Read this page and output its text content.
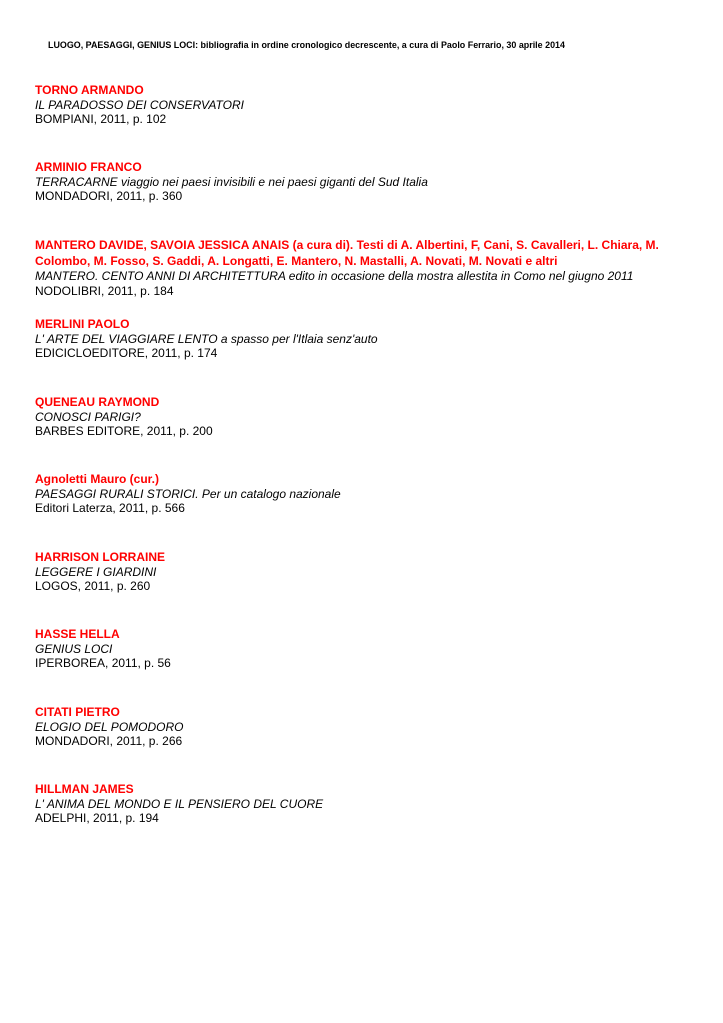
LUOGO, PAESAGGI, GENIUS LOCI: bibliografia in ordine cronologico decrescente, a cura di Paolo Ferrario, 30 aprile 2014
TORNO ARMANDO
IL PARADOSSO DEI CONSERVATORI
BOMPIANI, 2011, p. 102
ARMINIO FRANCO
TERRACARNE viaggio nei paesi invisibili e nei paesi giganti del Sud Italia
MONDADORI, 2011, p. 360
MANTERO DAVIDE, SAVOIA JESSICA ANAIS (a cura di). Testi di A. Albertini, F, Cani, S. Cavalleri, L. Chiara, M. Colombo, M. Fosso, S. Gaddi, A. Longatti, E. Mantero, N. Mastalli, A. Novati, M. Novati e altri
MANTERO. CENTO ANNI DI ARCHITETTURA edito in occasione della mostra allestita in Como nel giugno 2011
NODOLIBRI, 2011, p. 184
MERLINI PAOLO
L' ARTE DEL VIAGGIARE LENTO a spasso per l'Itlaia senz'auto
EDICICLOEDITORE, 2011, p. 174
QUENEAU RAYMOND
CONOSCI PARIGI?
BARBES EDITORE, 2011, p. 200
Agnoletti Mauro (cur.)
PAESAGGI RURALI STORICI. Per un catalogo nazionale
Editori Laterza, 2011, p. 566
HARRISON LORRAINE
LEGGERE I GIARDINI
LOGOS, 2011, p. 260
HASSE HELLA
GENIUS LOCI
IPERBOREA, 2011, p. 56
CITATI PIETRO
ELOGIO DEL POMODORO
MONDADORI, 2011, p. 266
HILLMAN JAMES
L' ANIMA DEL MONDO E IL PENSIERO DEL CUORE
ADELPHI, 2011, p. 194
